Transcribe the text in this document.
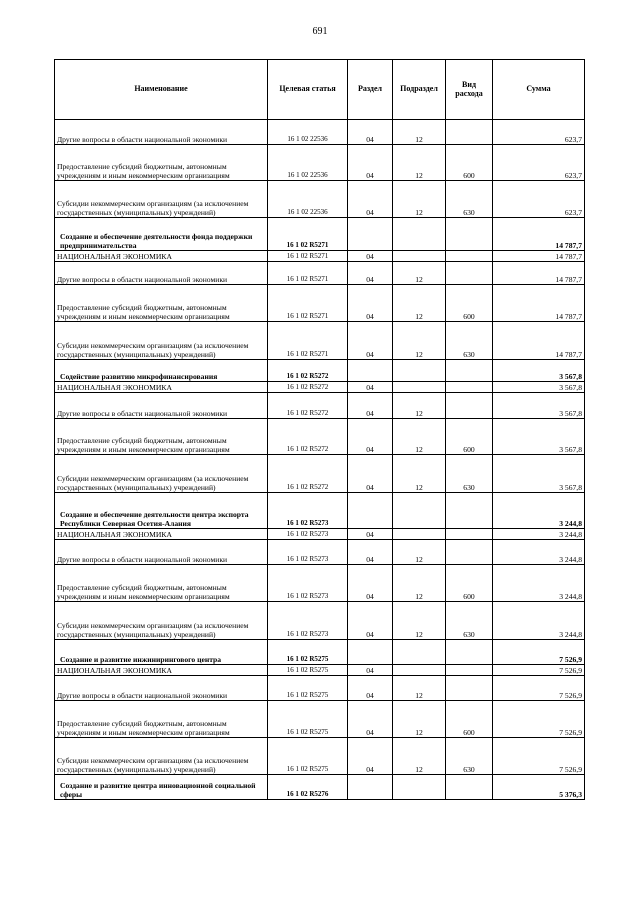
691
Наименование	Целевая статья	Раздел	Подраздел	Вид расхода	Сумма
Другие вопросы в области национальной экономики	16 1 02 22536	04	12		623,7
Предоставление субсидий бюджетным, автономным учреждениям и иным некоммерческим организациям	16 1 02 22536	04	12	600	623,7
Субсидии некоммерческим организациям (за исключением государственных (муниципальных) учреждений)	16 1 02 22536	04	12	630	623,7
Создание и обеспечение деятельности фонда поддержки предпринимательства	16 1 02 R5271				14 787,7
НАЦИОНАЛЬНАЯ ЭКОНОМИКА	16 1 02 R5271	04			14 787,7
Другие вопросы в области национальной экономики	16 1 02 R5271	04	12		14 787,7
Предоставление субсидий бюджетным, автономным учреждениям и иным некоммерческим организациям	16 1 02 R5271	04	12	600	14 787,7
Субсидии некоммерческим организациям (за исключением государственных (муниципальных) учреждений)	16 1 02 R5271	04	12	630	14 787,7
Содействие развитию микрофинансирования	16 1 02 R5272				3 567,8
НАЦИОНАЛЬНАЯ ЭКОНОМИКА	16 1 02 R5272	04			3 567,8
Другие вопросы в области национальной экономики	16 1 02 R5272	04	12		3 567,8
Предоставление субсидий бюджетным, автономным учреждениям и иным некоммерческим организациям	16 1 02 R5272	04	12	600	3 567,8
Субсидии некоммерческим организациям (за исключением государственных (муниципальных) учреждений)	16 1 02 R5272	04	12	630	3 567,8
Создание и обеспечение деятельности центра экспорта Республики Северная Осетия-Алания	16 1 02 R5273				3 244,8
НАЦИОНАЛЬНАЯ ЭКОНОМИКА	16 1 02 R5273	04			3 244,8
Другие вопросы в области национальной экономики	16 1 02 R5273	04	12		3 244,8
Предоставление субсидий бюджетным, автономным учреждениям и иным некоммерческим организациям	16 1 02 R5273	04	12	600	3 244,8
Субсидии некоммерческим организациям (за исключением государственных (муниципальных) учреждений)	16 1 02 R5273	04	12	630	3 244,8
Создание и развитие инжинирингового центра	16 1 02 R5275				7 526,9
НАЦИОНАЛЬНАЯ ЭКОНОМИКА	16 1 02 R5275	04			7 526,9
Другие вопросы в области национальной экономики	16 1 02 R5275	04	12		7 526,9
Предоставление субсидий бюджетным, автономным учреждениям и иным некоммерческим организациям	16 1 02 R5275	04	12	600	7 526,9
Субсидии некоммерческим организациям (за исключением государственных (муниципальных) учреждений)	16 1 02 R5275	04	12	630	7 526,9
Создание и развитие центра инновационной социальной сферы	16 1 02 R5276				5 376,3
